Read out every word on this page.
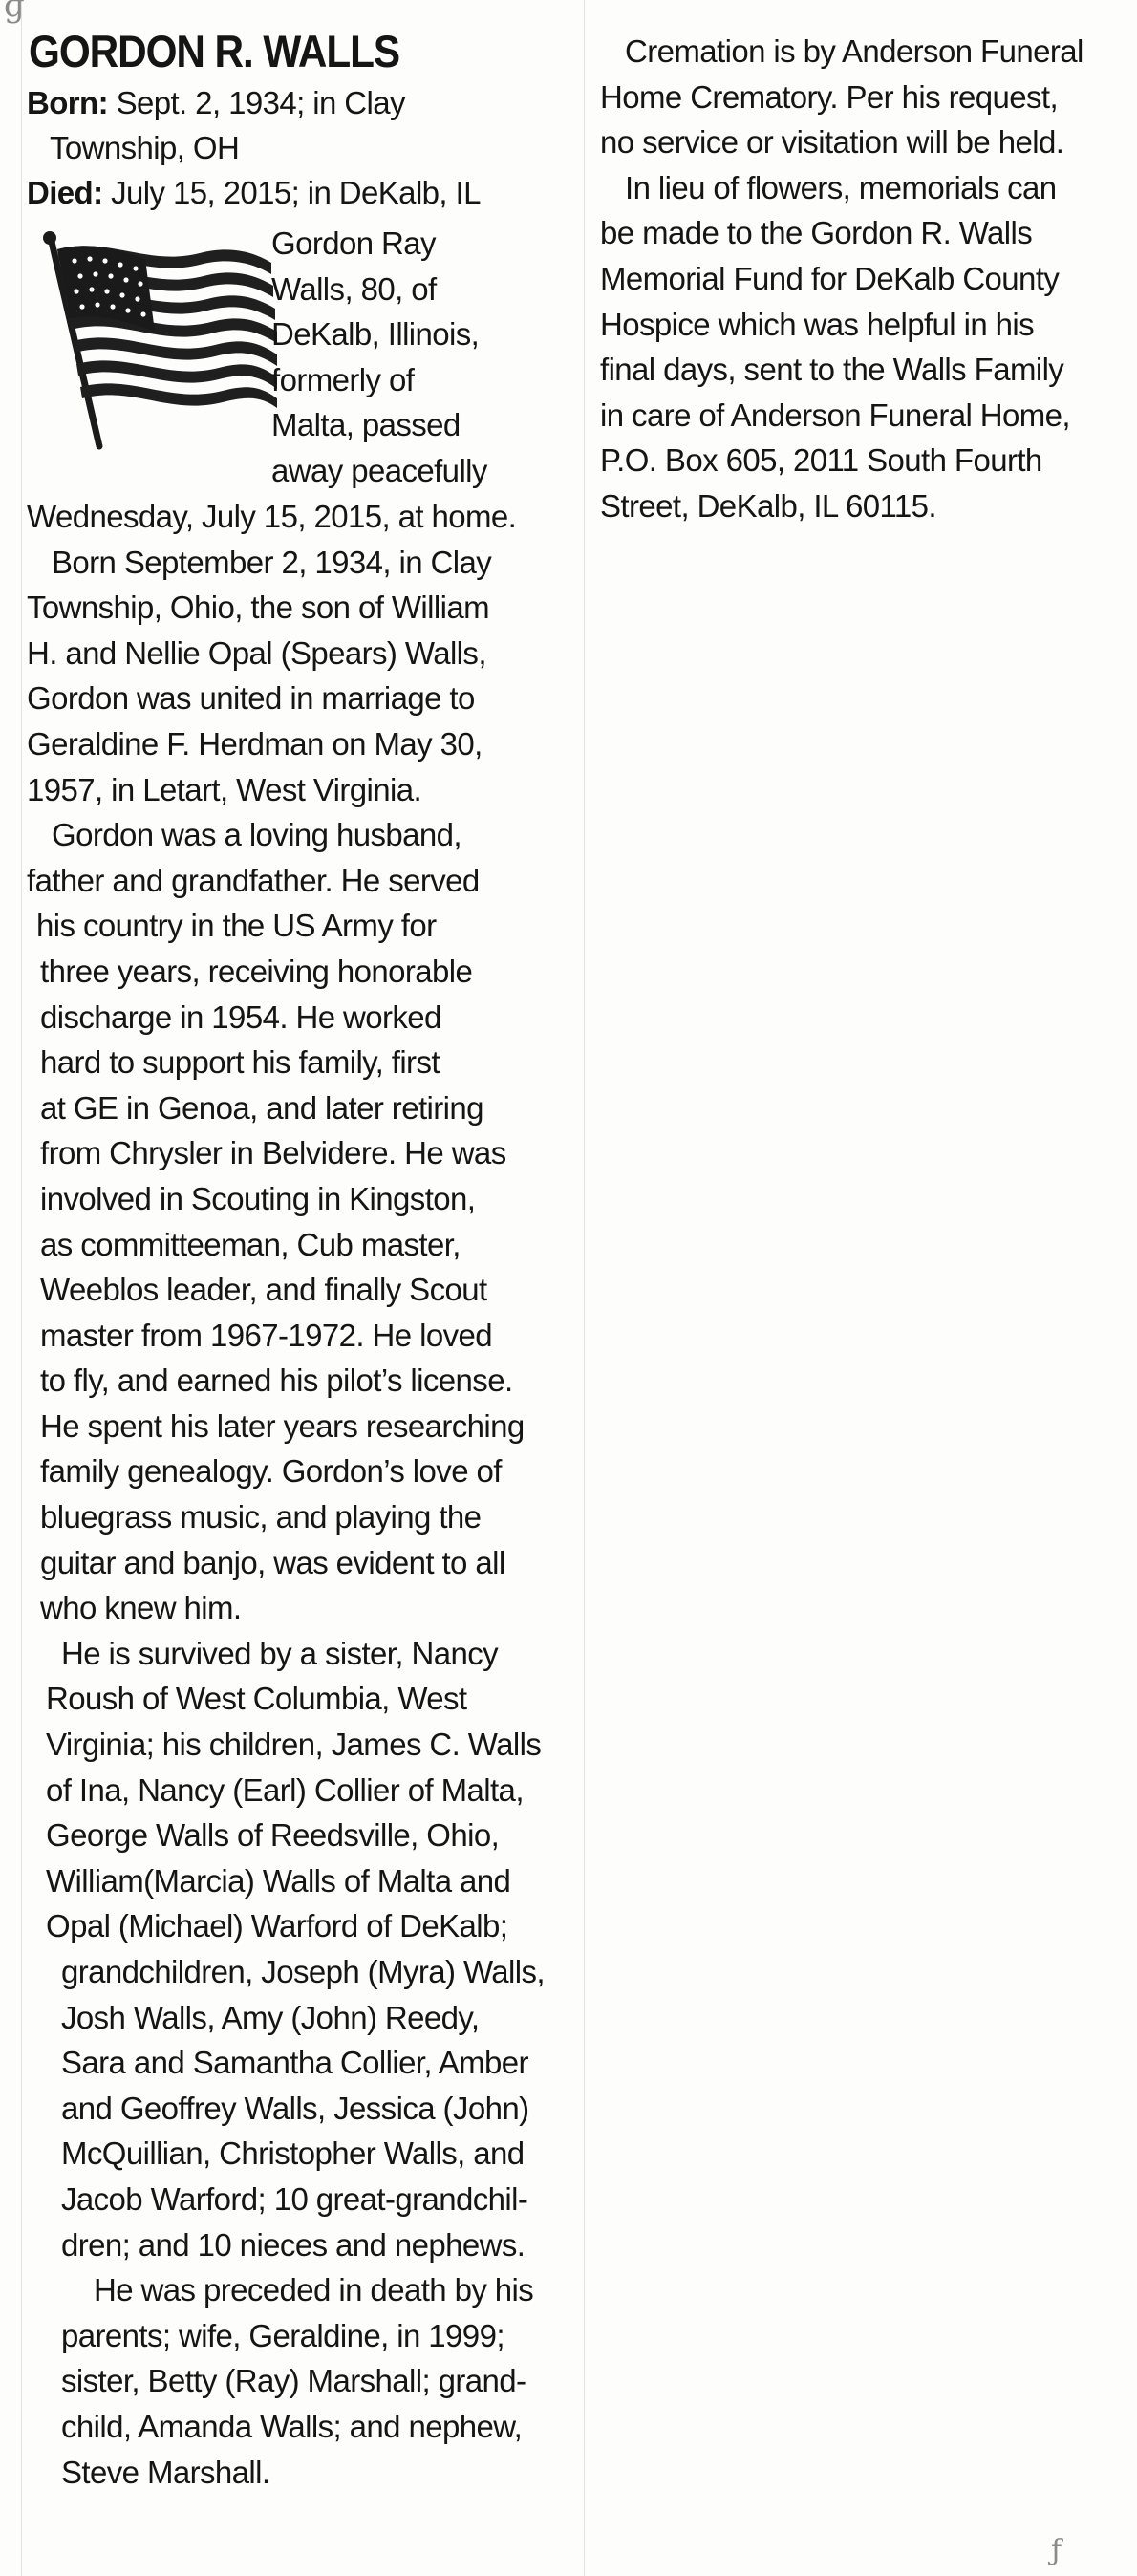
ɡ
GORDON R. WALLS
Born: Sept. 2, 1934; in Clay
Township, OH
Died: July 15, 2015; in DeKalb, IL
Gordon Ray
Walls, 80, of
DeKalb, Illinois,
formerly of
Malta, passed
away peacefully
Wednesday, July 15, 2015, at home.
Born September 2, 1934, in Clay
Township, Ohio, the son of William
H. and Nellie Opal (Spears) Walls,
Gordon was united in marriage to
Geraldine F. Herdman on May 30,
1957, in Letart, West Virginia.
Gordon was a loving husband,
father and grandfather. He served
his country in the US Army for
three years, receiving honorable
discharge in 1954. He worked
hard to support his family, first
at GE in Genoa, and later retiring
from Chrysler in Belvidere. He was
involved in Scouting in Kingston,
as committeeman, Cub master,
Weeblos leader, and finally Scout
master from 1967-1972. He loved
to fly, and earned his pilot’s license.
He spent his later years researching
family genealogy. Gordon’s love of
bluegrass music, and playing the
guitar and banjo, was evident to all
who knew him.
He is survived by a sister, Nancy
Roush of West Columbia, West
Virginia; his children, James C. Walls
of Ina, Nancy (Earl) Collier of Malta,
George Walls of Reedsville, Ohio,
William(Marcia) Walls of Malta and
Opal (Michael) Warford of DeKalb;
grandchildren, Joseph (Myra) Walls,
Josh Walls, Amy (John) Reedy,
Sara and Samantha Collier, Amber
and Geoffrey Walls, Jessica (John)
McQuillian, Christopher Walls, and
Jacob Warford; 10 great-grandchil-
dren; and 10 nieces and nephews.
He was preceded in death by his
parents; wife, Geraldine, in 1999;
sister, Betty (Ray) Marshall; grand-
child, Amanda Walls; and nephew,
Steve Marshall.
Cremation is by Anderson Funeral
Home Crematory. Per his request,
no service or visitation will be held.
In lieu of flowers, memorials can
be made to the Gordon R. Walls
Memorial Fund for DeKalb County
Hospice which was helpful in his
final days, sent to the Walls Family
in care of Anderson Funeral Home,
P.O. Box 605, 2011 South Fourth
Street, DeKalb, IL 60115.
ƒ
